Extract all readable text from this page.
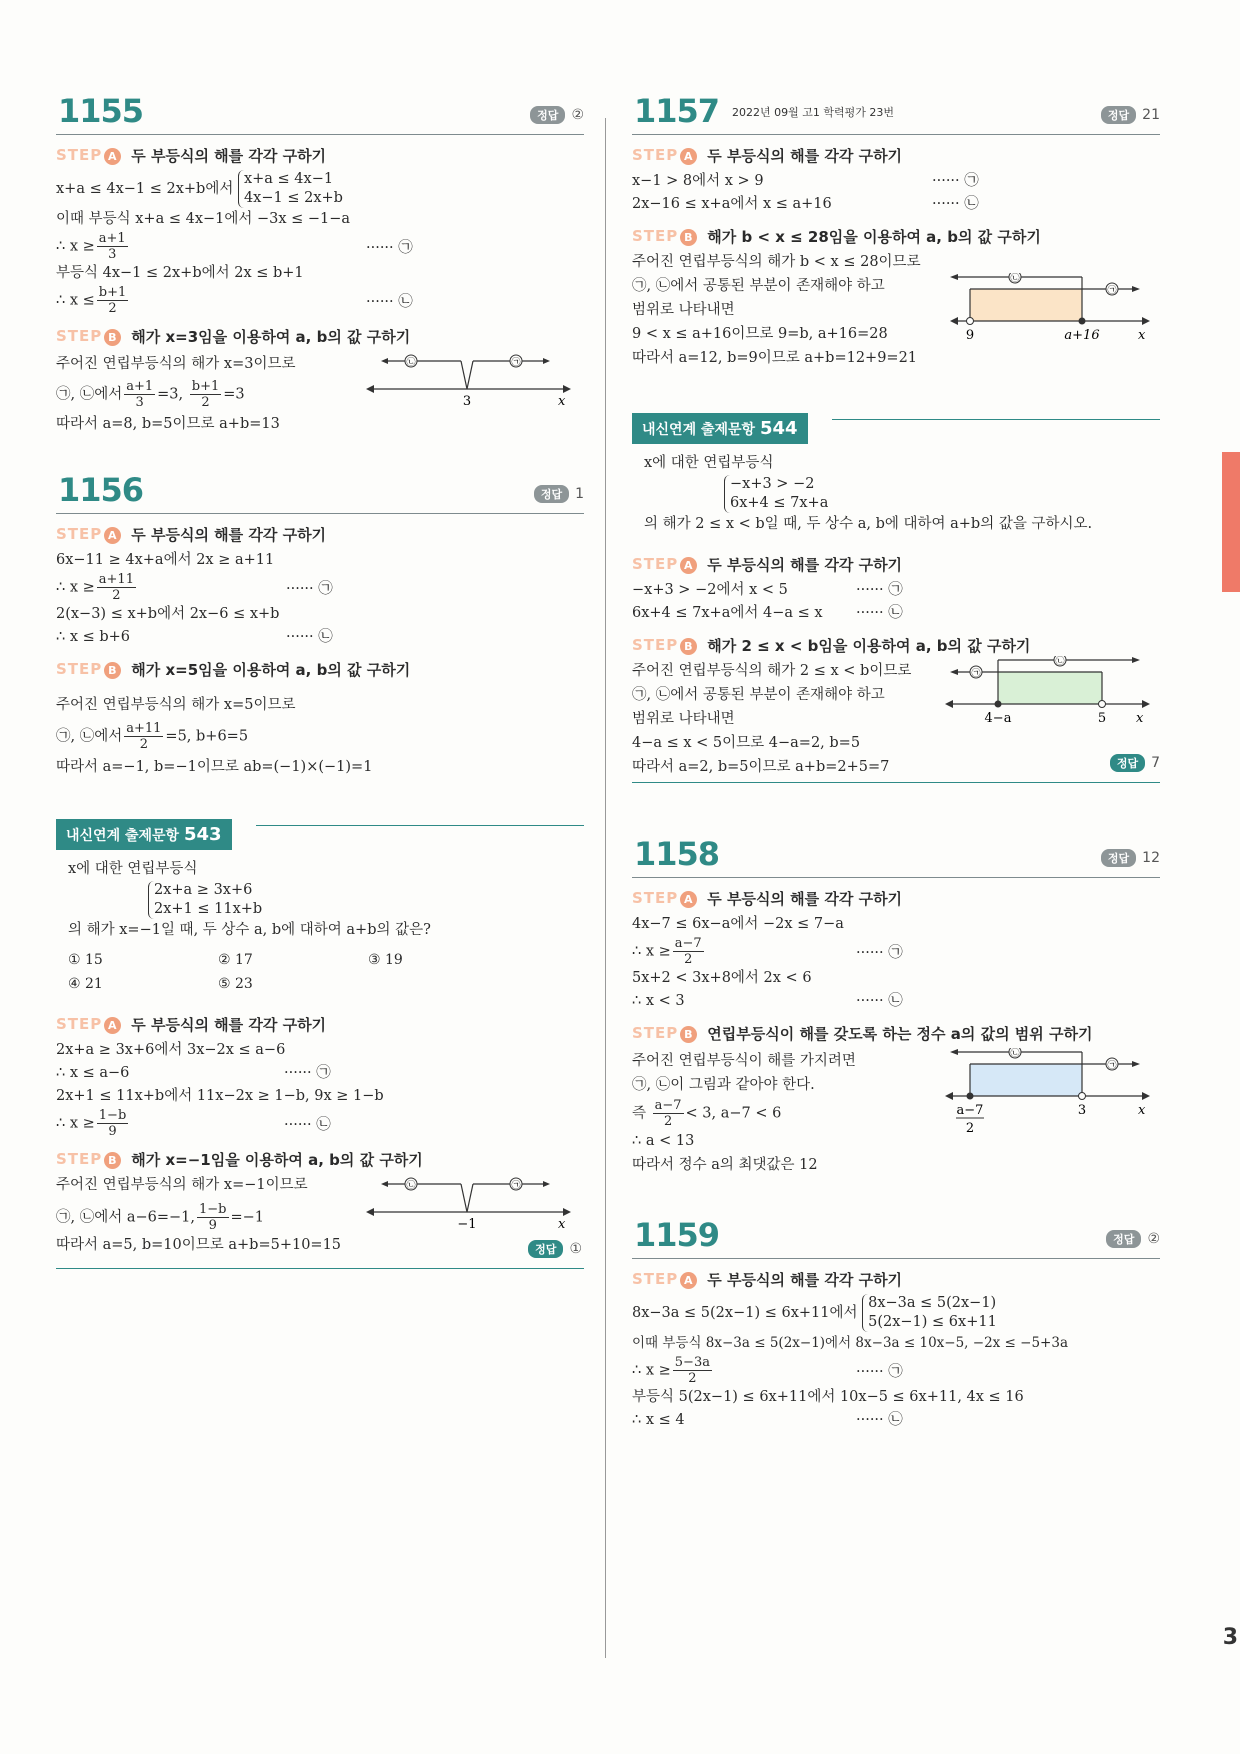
1155	정답 ②
STEP A 두 부등식의 해를 각각 구하기
x+a ≤ 4x−1 ≤ 2x+b에서 x+a ≤ 4x−1
4x−1 ≤ 2x+b
이때 부등식 x+a ≤ 4x−1에서 −3x ≤ −1−a
∴ $x \ge \frac{a+1}{3}$	······ ㉠
부등식 4x−1 ≤ 2x+b에서 2x ≤ b+1
∴ $x \le \frac{b+1}{2}$	······ ㉡
STEP B 해가 x=3임을 이용하여 a, b의 값 구하기
주어진 연립부등식의 해가 x=3이므로
㉠, ㉡에서 $\frac{a+1}{3} =3$, $\frac{b+1}{2} =3$
따라서 a=8, b=5이므로 a+b=13
㉡	㉠
3	x
1156	정답 1
STEP A 두 부등식의 해를 각각 구하기
6x−11 ≥ 4x+a에서 2x ≥ a+11
∴ $x \ge \frac{a+11}{2}$	······ ㉠
2(x−3) ≤ x+b에서 2x−6 ≤ x+b
∴ x ≤ b+6	······ ㉡
STEP B 해가 x=5임을 이용하여 a, b의 값 구하기
주어진 연립부등식의 해가 x=5이므로
㉠, ㉡에서 $\frac{a+11}{2} =5$, b+6=5
따라서 a=−1, b=−1이므로 ab=(−1)×(−1)=1
내신연계 출제문항 543
x에 대한 연립부등식
2x+a ≥ 3x+6
2x+1 ≤ 11x+b
의 해가 x=−1일 때, 두 상수 a, b에 대하여 a+b의 값은?
① 15	② 17	③ 19
④ 21	⑤ 23
STEP A 두 부등식의 해를 각각 구하기
2x+a ≥ 3x+6에서 3x−2x ≤ a−6
∴ x ≤ a−6	······ ㉠
2x+1 ≤ 11x+b에서 11x−2x ≥ 1−b, 9x ≥ 1−b
∴ $x \ge \frac{1-b}{9}$	······ ㉡
STEP B 해가 x=−1임을 이용하여 a, b의 값 구하기
주어진 연립부등식의 해가 x=−1이므로
㉠, ㉡에서 a−6=−1, $\frac{1-b}{9} =-1$
따라서 a=5, b=10이므로 a+b=5+10=15	정답 ①
㉡	㉠
−1	x
1157 2022년 09월 고1 학력평가 23번	정답 21
STEP A 두 부등식의 해를 각각 구하기
x−1 > 8에서 x > 9	······ ㉠
2x−16 ≤ x+a에서 x ≤ a+16	······ ㉡
STEP B 해가 b < x ≤ 28임을 이용하여 a, b의 값 구하기
주어진 연립부등식의 해가 b < x ≤ 28이므로
㉠, ㉡에서 공통된 부분이 존재해야 하고
범위로 나타내면
9 < x ≤ a+16이므로 9=b, a+16=28
따라서 a=12, b=9이므로 a+b=12+9=21
㉡
㉠
9	a+16	x
내신연계 출제문항 544
x에 대한 연립부등식
−x+3 > −2
6x+4 ≤ 7x+a
의 해가 2 ≤ x < b일 때, 두 상수 a, b에 대하여 a+b의 값을 구하시오.
STEP A 두 부등식의 해를 각각 구하기
−x+3 > −2에서 x < 5	······ ㉠
6x+4 ≤ 7x+a에서 4−a ≤ x ······ ㉡
STEP B 해가 2 ≤ x < b임을 이용하여 a, b의 값 구하기
주어진 연립부등식의 해가 2 ≤ x < b이므로
㉠, ㉡에서 공통된 부분이 존재해야 하고
범위로 나타내면
4−a ≤ x < 5이므로 4−a=2, b=5
따라서 a=2, b=5이므로 a+b=2+5=7	정답 7
㉡
㉠
4−a	5 x
1158	정답 12
STEP A 두 부등식의 해를 각각 구하기
4x−7 ≤ 6x−a에서 −2x ≤ 7−a
∴ $x \ge \frac{a-7}{2}$	······ ㉠
5x+2 < 3x+8에서 2x < 6
∴ x < 3	······ ㉡
STEP B 연립부등식이 해를 갖도록 하는 정수 a의 값의 범위 구하기
주어진 연립부등식이 해를 가지려면
㉠, ㉡이 그림과 같아야 한다.
즉 $\frac{a-7}{2} < 3$, a−7 < 6
∴ a < 13
따라서 정수 a의 최댓값은 12
㉡
㉠
a−7
2
3	x
1159	정답 ②
STEP A 두 부등식의 해를 각각 구하기
8x−3a ≤ 5(2x−1) ≤ 6x+11에서 8x−3a ≤ 5(2x−1)
5(2x−1) ≤ 6x+11
이때 부등식 8x−3a ≤ 5(2x−1)에서 8x−3a ≤ 10x−5, −2x ≤ −5+3a
∴ $x \ge \frac{5-3a}{2}$	······ ㉠
부등식 5(2x−1) ≤ 6x+11에서 10x−5 ≤ 6x+11, 4x ≤ 16
∴ x ≤ 4	······ ㉡
3
